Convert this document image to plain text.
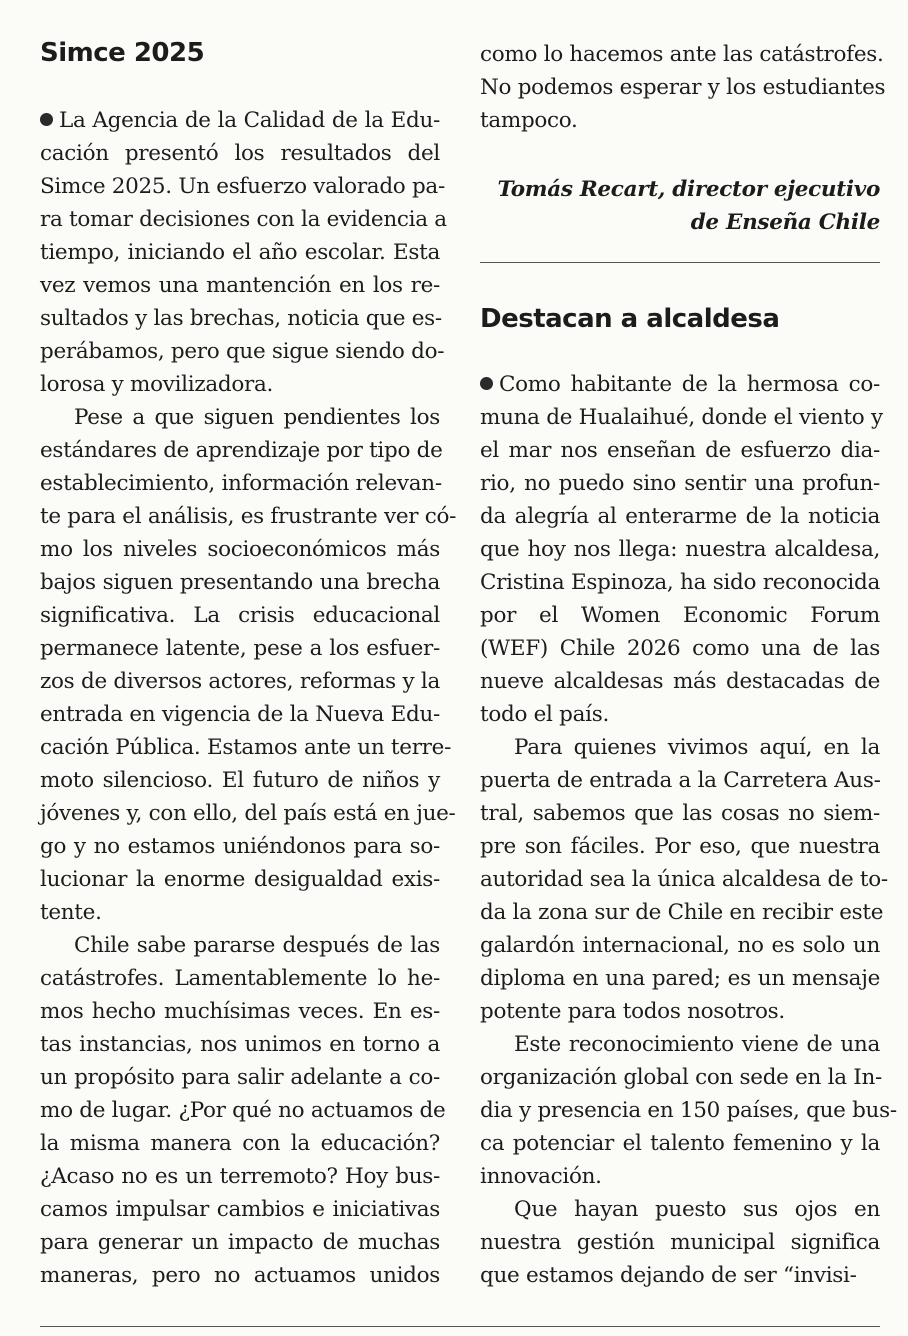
Simce 2025
La Agencia de la Calidad de la Edu-
cación presentó los resultados del
Simce 2025. Un esfuerzo valorado pa-
ra tomar decisiones con la evidencia a
tiempo, iniciando el año escolar. Esta
vez vemos una mantención en los re-
sultados y las brechas, noticia que es-
perábamos, pero que sigue siendo do-
lorosa y movilizadora.
Pese a que siguen pendientes los
estándares de aprendizaje por tipo de
establecimiento, información relevan-
te para el análisis, es frustrante ver có-
mo los niveles socioeconómicos más
bajos siguen presentando una brecha
significativa. La crisis educacional
permanece latente, pese a los esfuer-
zos de diversos actores, reformas y la
entrada en vigencia de la Nueva Edu-
cación Pública. Estamos ante un terre-
moto silencioso. El futuro de niños y
jóvenes y, con ello, del país está en jue-
go y no estamos uniéndonos para so-
lucionar la enorme desigualdad exis-
tente.
Chile sabe pararse después de las
catástrofes. Lamentablemente lo he-
mos hecho muchísimas veces. En es-
tas instancias, nos unimos en torno a
un propósito para salir adelante a co-
mo de lugar. ¿Por qué no actuamos de
la misma manera con la educación?
¿Acaso no es un terremoto? Hoy bus-
camos impulsar cambios e iniciativas
para generar un impacto de muchas
maneras, pero no actuamos unidos
como lo hacemos ante las catástrofes.
No podemos esperar y los estudiantes
tampoco.
Tomás Recart, director ejecutivo
de Enseña Chile
Destacan a alcaldesa
Como habitante de la hermosa co-
muna de Hualaihué, donde el viento y
el mar nos enseñan de esfuerzo dia-
rio, no puedo sino sentir una profun-
da alegría al enterarme de la noticia
que hoy nos llega: nuestra alcaldesa,
Cristina Espinoza, ha sido reconocida
por el Women Economic Forum
(WEF) Chile 2026 como una de las
nueve alcaldesas más destacadas de
todo el país.
Para quienes vivimos aquí, en la
puerta de entrada a la Carretera Aus-
tral, sabemos que las cosas no siem-
pre son fáciles. Por eso, que nuestra
autoridad sea la única alcaldesa de to-
da la zona sur de Chile en recibir este
galardón internacional, no es solo un
diploma en una pared; es un mensaje
potente para todos nosotros.
Este reconocimiento viene de una
organización global con sede en la In-
dia y presencia en 150 países, que bus-
ca potenciar el talento femenino y la
innovación.
Que hayan puesto sus ojos en
nuestra gestión municipal significa
que estamos dejando de ser “invisi-
